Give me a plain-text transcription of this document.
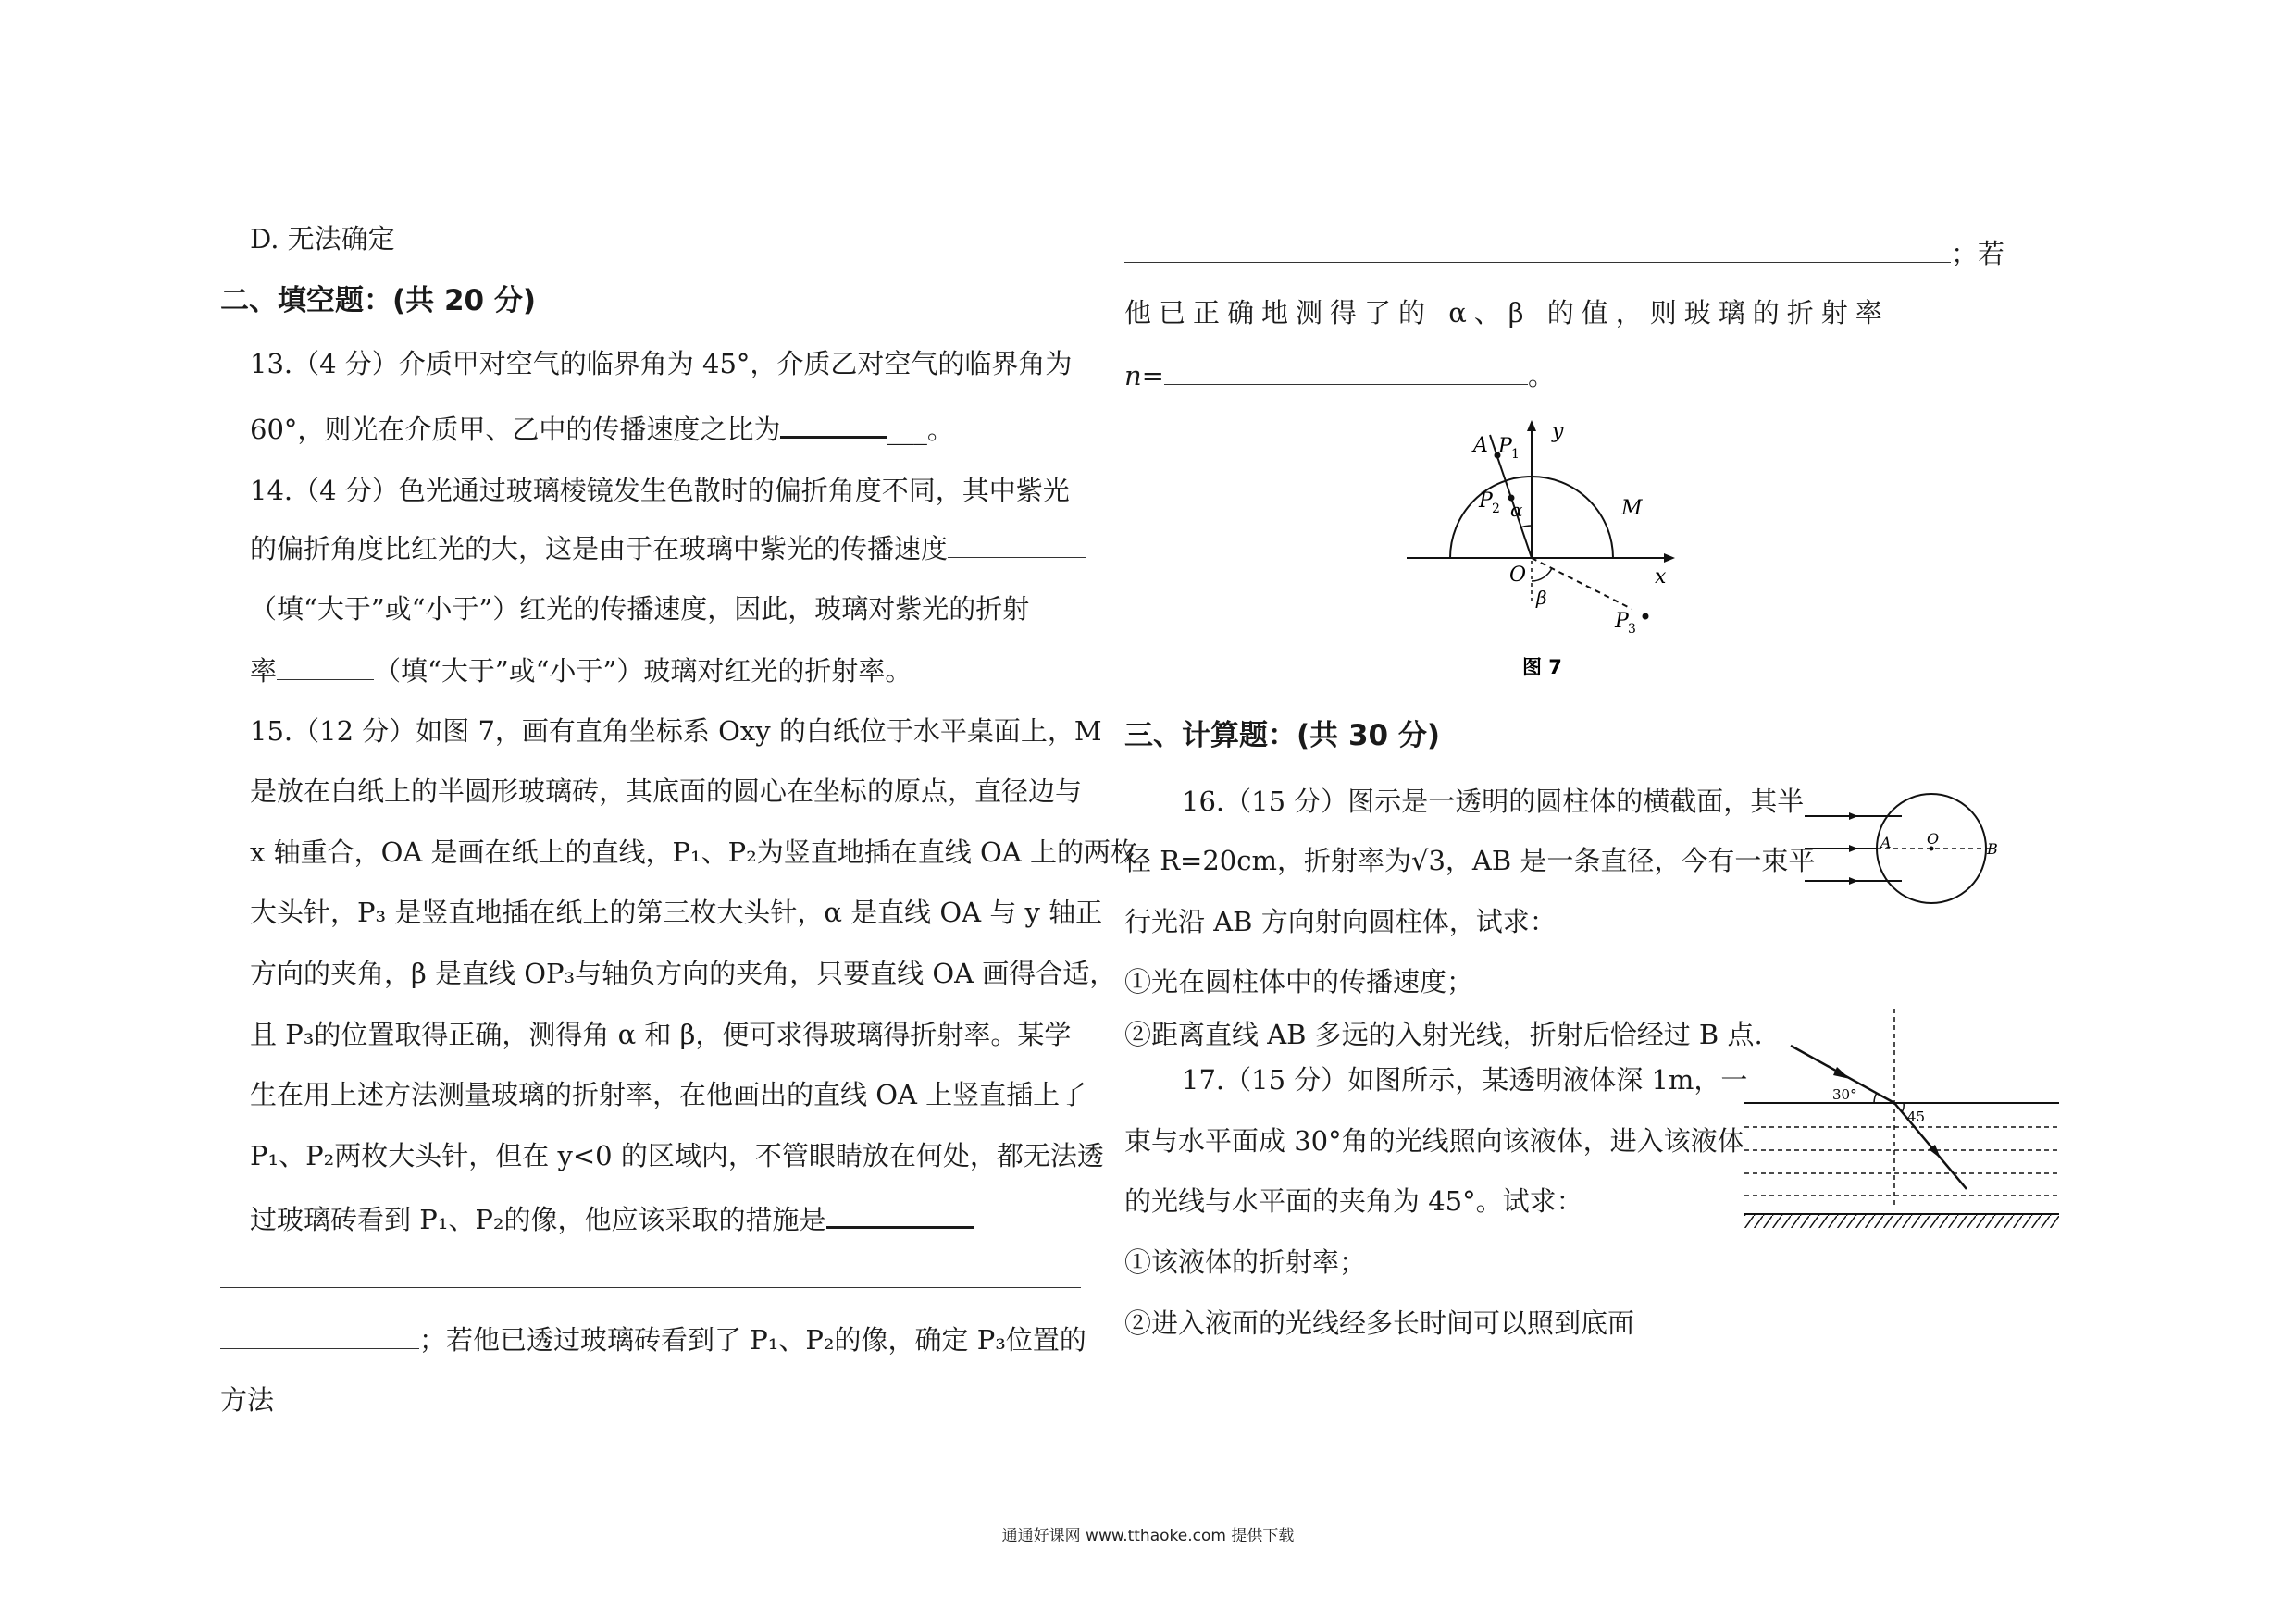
D. 无法确定
二、填空题：(共 20 分)
13.（4 分）介质甲对空气的临界角为 45°，介质乙对空气的临界角为
60°，则光在介质甲、乙中的传播速度之比为	___。
14.（4 分）色光通过玻璃棱镜发生色散时的偏折角度不同，其中紫光
的偏折角度比红光的大，这是由于在玻璃中紫光的传播速度
（填“大于”或“小于”）红光的传播速度，因此，玻璃对紫光的折射
率	（填“大于”或“小于”）玻璃对红光的折射率。
15.（12 分）如图 7，画有直角坐标系 Oxy 的白纸位于水平桌面上，M
是放在白纸上的半圆形玻璃砖，其底面的圆心在坐标的原点，直径边与
x 轴重合，OA 是画在纸上的直线，P₁、P₂为竖直地插在直线 OA 上的两枚
大头针，P₃ 是竖直地插在纸上的第三枚大头针，α 是直线 OA 与 y 轴正
方向的夹角，β 是直线 OP₃与轴负方向的夹角，只要直线 OA 画得合适，
且 P₃的位置取得正确，测得角 α 和 β，便可求得玻璃得折射率。某学
生在用上述方法测量玻璃的折射率，在他画出的直线 OA 上竖直插上了
P₁、P₂两枚大头针，但在 y<0 的区域内，不管眼睛放在何处，都无法透
过玻璃砖看到 P₁、P₂的像，他应该采取的措施是
；若他已透过玻璃砖看到了 P₁、P₂的像，确定 P₃位置的
方法
；若
他已正确地测得了的 α、β 的值，则玻璃的折射率
n=	。
A P 1
y
P 2 α	M
O	x
β
P 3
图 7
三、计算题：(共 30 分)
16.（15 分）图示是一透明的圆柱体的横截面，其半
径 R=20cm，折射率为√3，AB 是一条直径，今有一束平
行光沿 AB 方向射向圆柱体，试求：
①光在圆柱体中的传播速度；
②距离直线 AB 多远的入射光线，折射后恰经过 B 点.
A O
B
17.（15 分）如图所示，某透明液体深 1m，一
束与水平面成 30°角的光线照向该液体，进入该液体
的光线与水平面的夹角为 45°。试求：
①该液体的折射率；
②进入液面的光线经多长时间可以照到底面
30°
45
通通好课网 www.tthaoke.com 提供下载
